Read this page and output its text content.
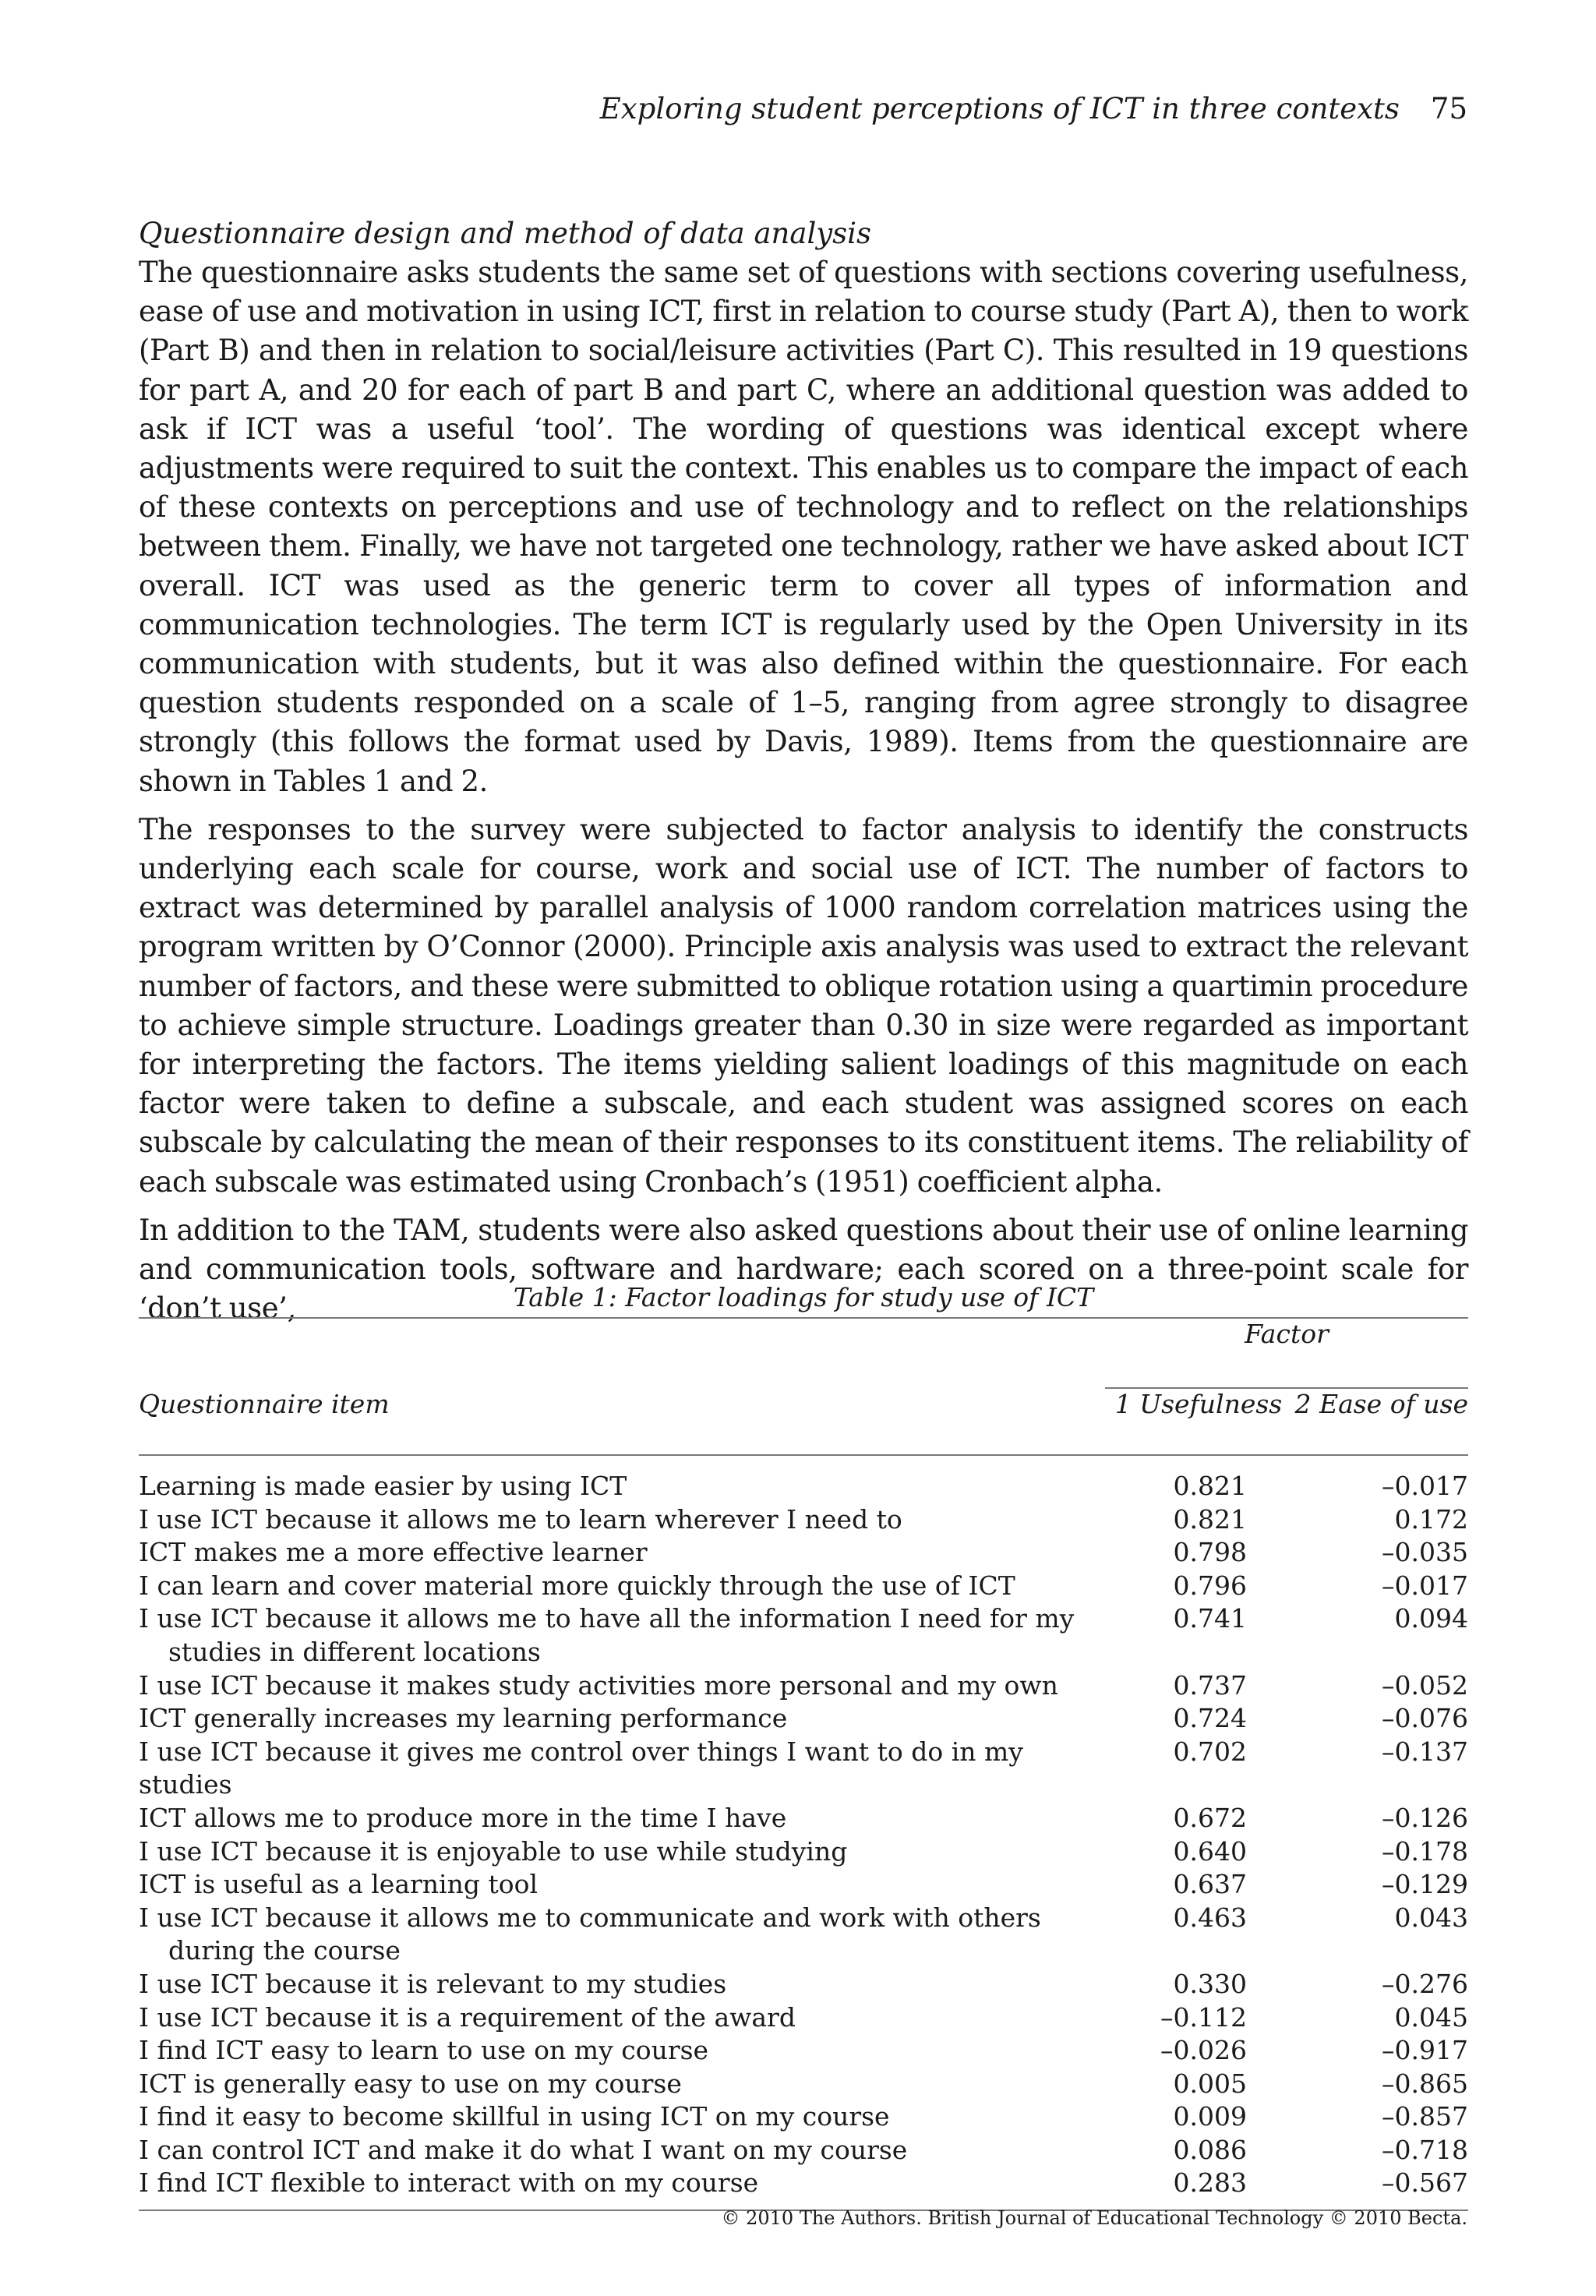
Exploring student perceptions of ICT in three contexts 75
Questionnaire design and method of data analysis

The questionnaire asks students the same set of questions with sections covering usefulness, ease of use and motivation in using ICT, first in relation to course study (Part A), then to work (Part B) and then in relation to social/leisure activities (Part C). This resulted in 19 questions for part A, and 20 for each of part B and part C, where an additional question was added to ask if ICT was a useful ‘tool’. The wording of questions was identical except where adjustments were required to suit the context. This enables us to compare the impact of each of these contexts on perceptions and use of technology and to reflect on the relationships between them. Finally, we have not targeted one technology, rather we have asked about ICT overall. ICT was used as the generic term to cover all types of information and communication technologies. The term ICT is regularly used by the Open University in its communication with students, but it was also defined within the questionnaire. For each question students responded on a scale of 1–5, ranging from agree strongly to disagree strongly (this follows the format used by Davis, 1989). Items from the questionnaire are shown in Tables 1 and 2.

The responses to the survey were subjected to factor analysis to identify the constructs underlying each scale for course, work and social use of ICT. The number of factors to extract was determined by parallel analysis of 1000 random correlation matrices using the program written by O’Connor (2000). Principle axis analysis was used to extract the relevant number of factors, and these were submitted to oblique rotation using a quartimin procedure to achieve simple structure. Loadings greater than 0.30 in size were regarded as important for interpreting the factors. The items yielding salient loadings of this magnitude on each factor were taken to define a subscale, and each student was assigned scores on each subscale by calculating the mean of their responses to its constituent items. The reliability of each subscale was estimated using Cronbach’s (1951) coefficient alpha.

In addition to the TAM, students were also asked questions about their use of online learning and communication tools, software and hardware; each scored on a three-point scale for ‘don’t use’,	Table 1: Factor loadings for study use of ICT
	Factor	
Questionnaire item	1 Usefulness	2 Ease of use

Learning is made easier by using ICT	0.821	–0.017
I use ICT because it allows me to learn wherever I need to	0.821	0.172
ICT makes me a more effective learner	0.798	–0.035
I can learn and cover material more quickly through the use of ICT	0.796	–0.017
I use ICT because it allows me to have all the information I need for my
studies in different locations	0.741	0.094
I use ICT because it makes study activities more personal and my own	0.737	–0.052
ICT generally increases my learning performance	0.724	–0.076
I use ICT because it gives me control over things I want to do in my studies	0.702	–0.137
ICT allows me to produce more in the time I have	0.672	–0.126
I use ICT because it is enjoyable to use while studying	0.640	–0.178
ICT is useful as a learning tool	0.637	–0.129
I use ICT because it allows me to communicate and work with others
during the course	0.463	0.043
I use ICT because it is relevant to my studies	0.330	–0.276
I use ICT because it is a requirement of the award	–0.112	0.045
I find ICT easy to learn to use on my course	–0.026	–0.917
ICT is generally easy to use on my course	0.005	–0.865
I find it easy to become skillful in using ICT on my course	0.009	–0.857
I can control ICT and make it do what I want on my course	0.086	–0.718
I find ICT flexible to interact with on my course	0.283	–0.567

© 2010 The Authors. British Journal of Educational Technology © 2010 Becta.
